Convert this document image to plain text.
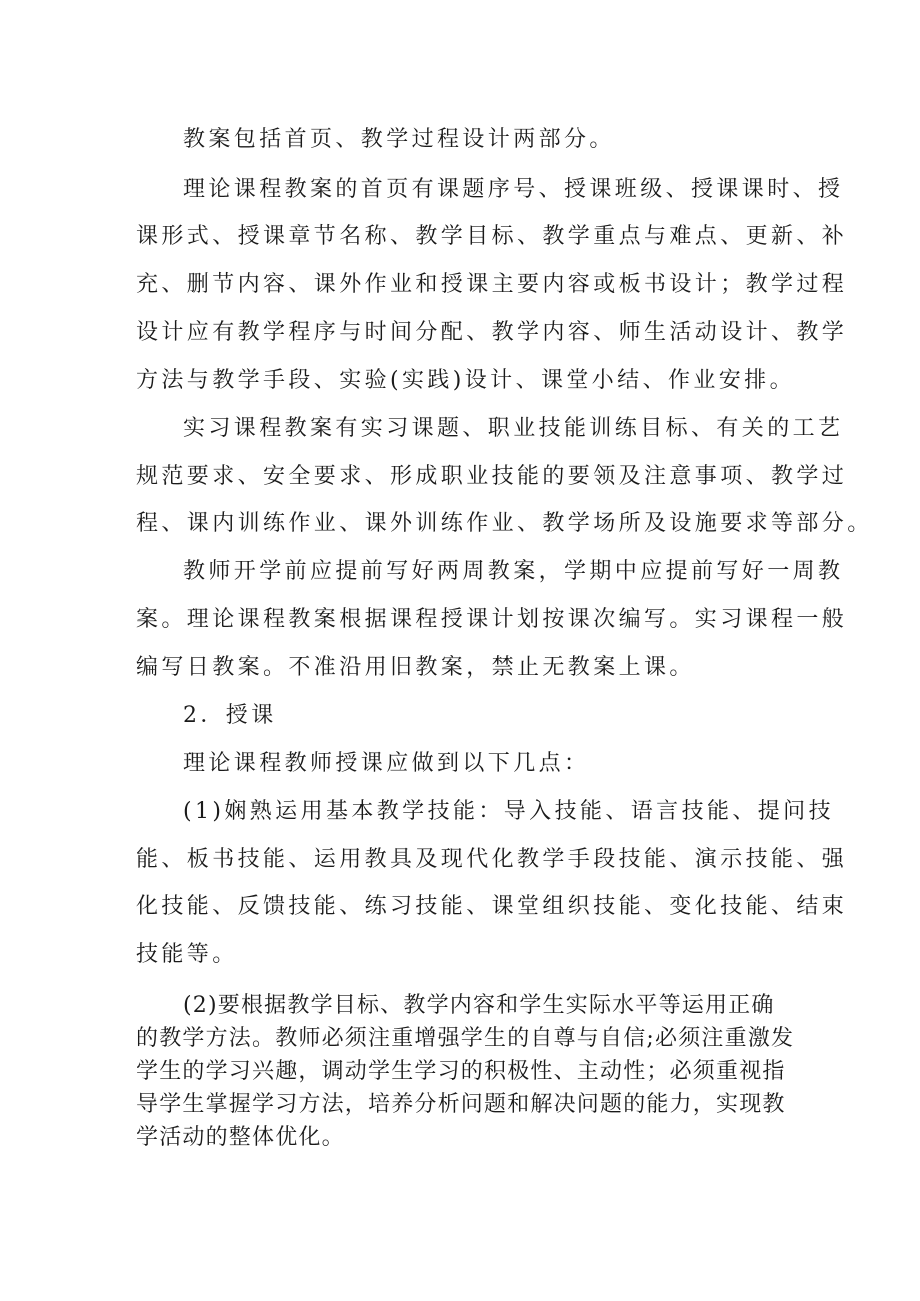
教案包括首页、教学过程设计两部分。
理论课程教案的首页有课题序号、授课班级、授课课时、授
课形式、授课章节名称、教学目标、教学重点与难点、更新、补
充、删节内容、课外作业和授课主要内容或板书设计；教学过程
设计应有教学程序与时间分配、教学内容、师生活动设计、教学
方法与教学手段、实验(实践)设计、课堂小结、作业安排。
实习课程教案有实习课题、职业技能训练目标、有关的工艺
规范要求、安全要求、形成职业技能的要领及注意事项、教学过
程、课内训练作业、课外训练作业、教学场所及设施要求等部分。
教师开学前应提前写好两周教案，学期中应提前写好一周教
案。理论课程教案根据课程授课计划按课次编写。实习课程一般
编写日教案。不准沿用旧教案，禁止无教案上课。
2．授课
理论课程教师授课应做到以下几点：
(1)娴熟运用基本教学技能：导入技能、语言技能、提问技
能、板书技能、运用教具及现代化教学手段技能、演示技能、强
化技能、反馈技能、练习技能、课堂组织技能、变化技能、结束
技能等。
(2)要根据教学目标、教学内容和学生实际水平等运用正确
的教学方法。教师必须注重增强学生的自尊与自信;必须注重激发
学生的学习兴趣，调动学生学习的积极性、主动性；必须重视指
导学生掌握学习方法，培养分析问题和解决问题的能力，实现教
学活动的整体优化。
